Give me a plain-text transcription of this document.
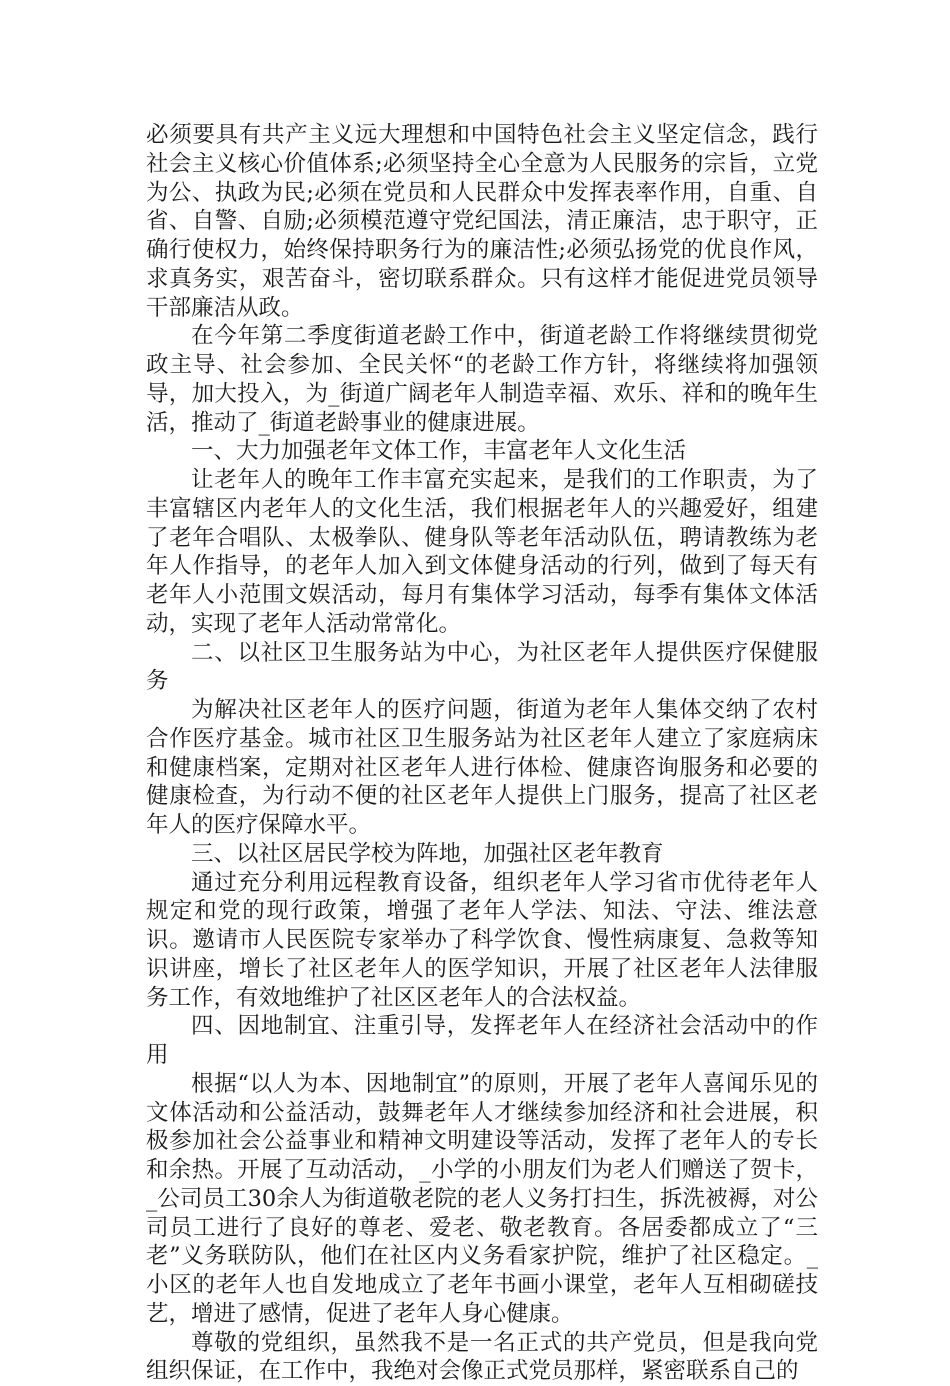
必须要具有共产主义远大理想和中国特色社会主义坚定信念，践行社会主义核心价值体系;必须坚持全心全意为人民服务的宗旨，立党为公、执政为民;必须在党员和人民群众中发挥表率作用，自重、自省、自警、自励;必须模范遵守党纪国法，清正廉洁，忠于职守，正确行使权力，始终保持职务行为的廉洁性;必须弘扬党的优良作风，求真务实，艰苦奋斗，密切联系群众。只有这样才能促进党员领导干部廉洁从政。

在今年第二季度街道老龄工作中，街道老龄工作将继续贯彻党政主导、社会参加、全民关怀“的老龄工作方针，将继续将加强领导，加大投入，为_街道广阔老年人制造幸福、欢乐、祥和的晚年生活，推动了_街道老龄事业的健康进展。

一、大力加强老年文体工作，丰富老年人文化生活

让老年人的晚年工作丰富充实起来，是我们的工作职责，为了丰富辖区内老年人的文化生活，我们根据老年人的兴趣爱好，组建了老年合唱队、太极拳队、健身队等老年活动队伍，聘请教练为老年人作指导，的老年人加入到文体健身活动的行列，做到了每天有老年人小范围文娱活动，每月有集体学习活动，每季有集体文体活动，实现了老年人活动常常化。

二、以社区卫生服务站为中心，为社区老年人提供医疗保健服务

为解决社区老年人的医疗问题，街道为老年人集体交纳了农村合作医疗基金。城市社区卫生服务站为社区老年人建立了家庭病床和健康档案，定期对社区老年人进行体检、健康咨询服务和必要的健康检查，为行动不便的社区老年人提供上门服务，提高了社区老年人的医疗保障水平。

三、以社区居民学校为阵地，加强社区老年教育

通过充分利用远程教育设备，组织老年人学习省市优待老年人规定和党的现行政策，增强了老年人学法、知法、守法、维法意识。邀请市人民医院专家举办了科学饮食、慢性病康复、急救等知识讲座，增长了社区老年人的医学知识，开展了社区老年人法律服务工作，有效地维护了社区区老年人的合法权益。

四、因地制宜、注重引导，发挥老年人在经济社会活动中的作用

根据“以人为本、因地制宜”的原则，开展了老年人喜闻乐见的文体活动和公益活动，鼓舞老年人才继续参加经济和社会进展，积极参加社会公益事业和精神文明建设等活动，发挥了老年人的专长和余热。开展了互动活动，_小学的小朋友们为老人们赠送了贺卡，_公司员工30余人为街道敬老院的老人义务打扫生，拆洗被褥，对公司员工进行了良好的尊老、爱老、敬老教育。各居委都成立了“三老”义务联防队，他们在社区内义务看家护院，维护了社区稳定。_小区的老年人也自发地成立了老年书画小课堂，老年人互相砌磋技艺，增进了感情，促进了老年人身心健康。

尊敬的党组织，虽然我不是一名正式的共产党员，但是我向党组织保证，在工作中，我绝对会像正式党员那样，紧密联系自己的
